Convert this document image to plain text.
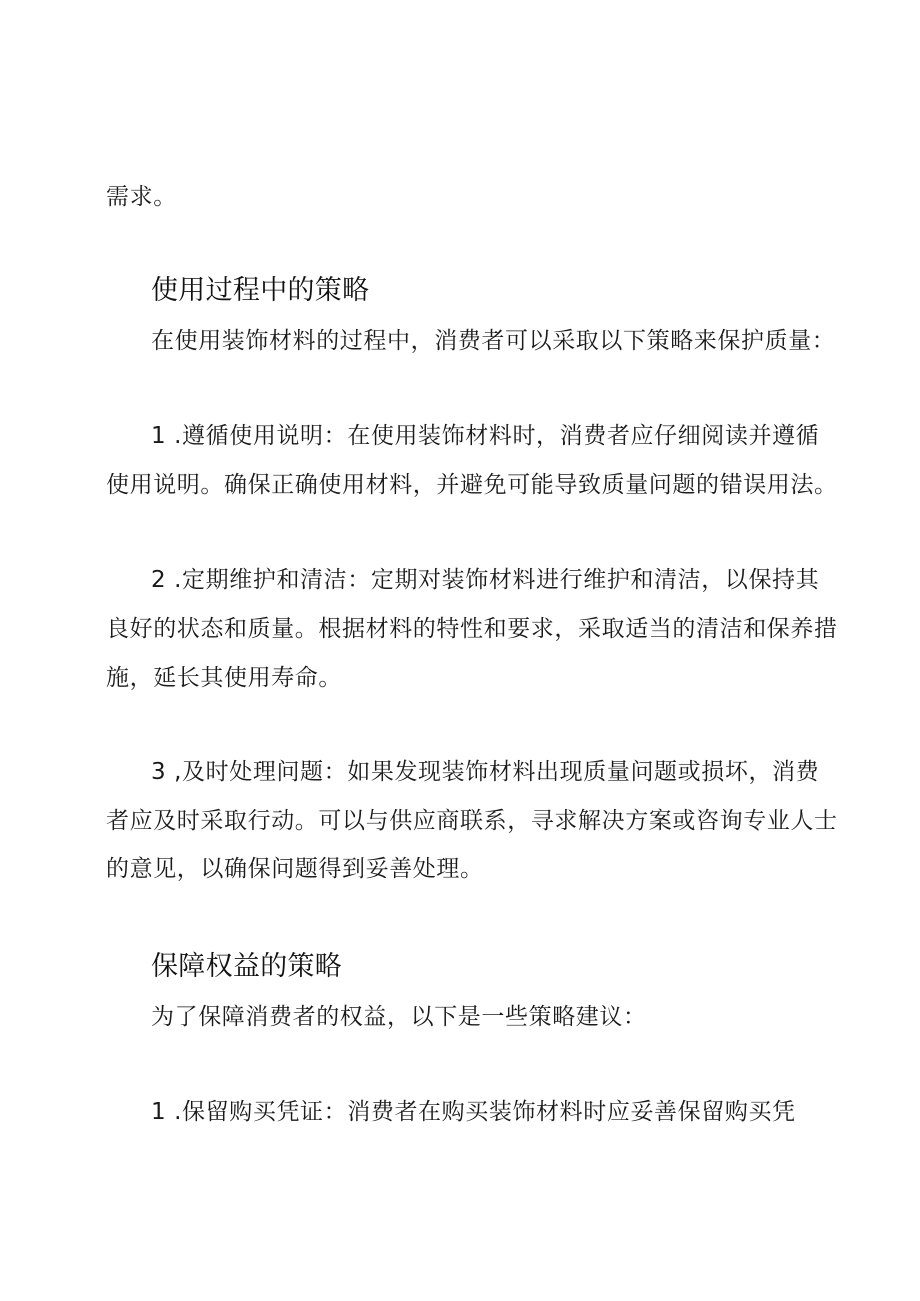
需求。
使用过程中的策略
在使用装饰材料的过程中，消费者可以采取以下策略来保护质量：
1 .遵循使用说明：在使用装饰材料时，消费者应仔细阅读并遵循
使用说明。确保正确使用材料，并避免可能导致质量问题的错误用法。
2 .定期维护和清洁：定期对装饰材料进行维护和清洁，以保持其
良好的状态和质量。根据材料的特性和要求，采取适当的清洁和保养措
施，延长其使用寿命。
3 ,及时处理问题：如果发现装饰材料出现质量问题或损坏，消费
者应及时采取行动。可以与供应商联系，寻求解决方案或咨询专业人士
的意见，以确保问题得到妥善处理。
保障权益的策略
为了保障消费者的权益，以下是一些策略建议：
1 .保留购买凭证：消费者在购买装饰材料时应妥善保留购买凭
